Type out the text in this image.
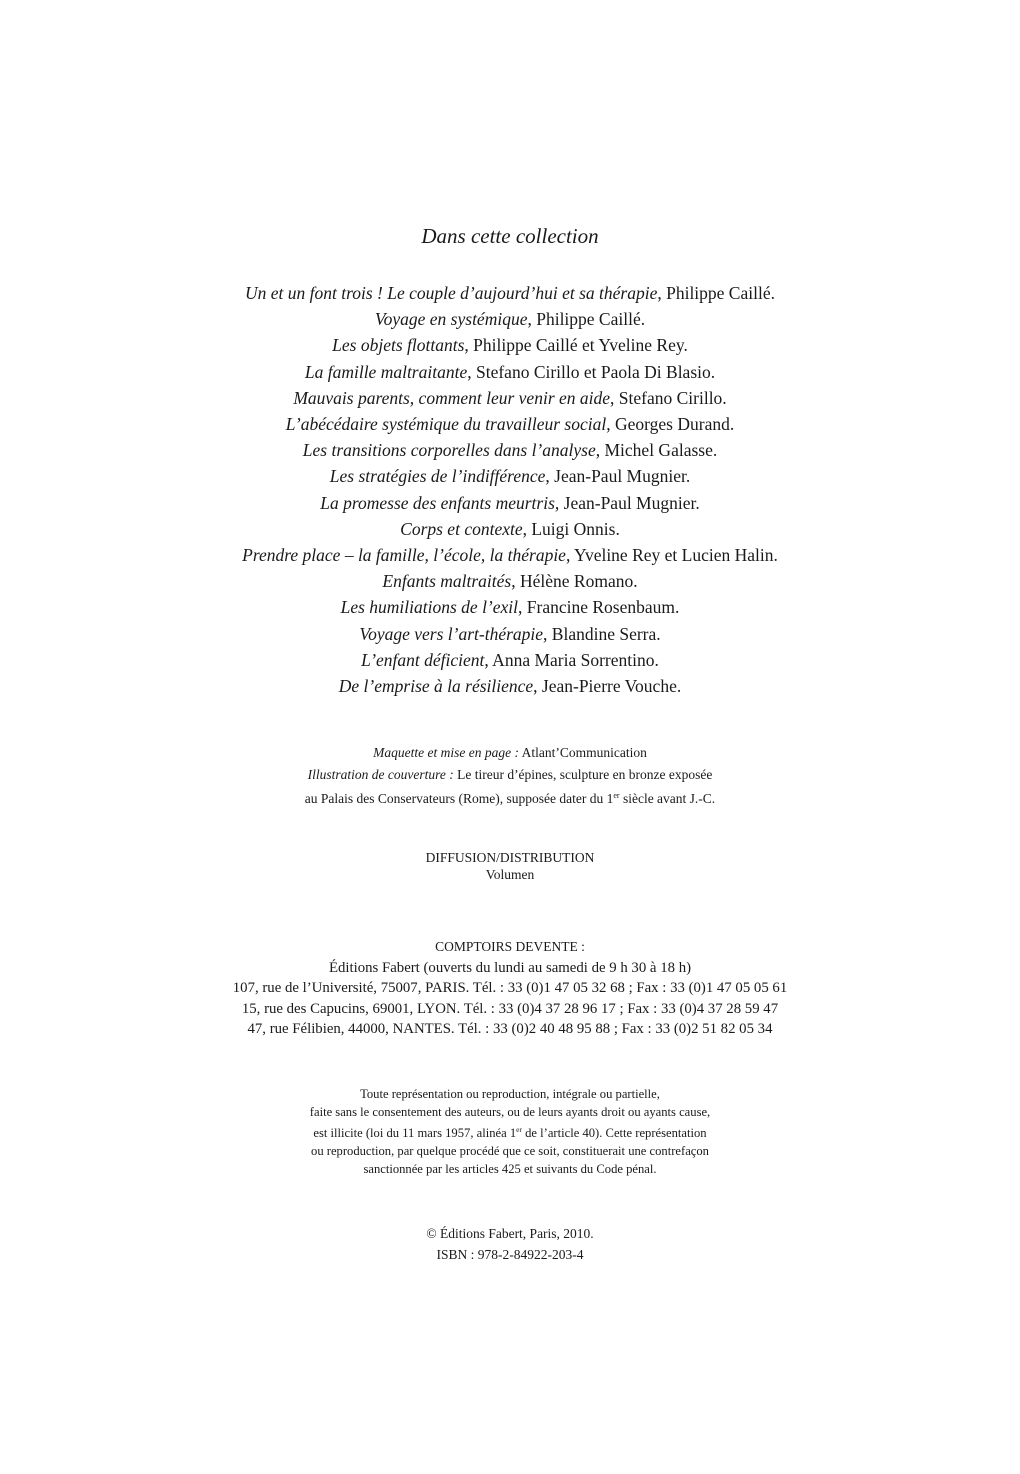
Dans cette collection
Un et un font trois ! Le couple d’aujourd’hui et sa thérapie, Philippe Caillé.
Voyage en systémique, Philippe Caillé.
Les objets flottants, Philippe Caillé et Yveline Rey.
La famille maltraitante, Stefano Cirillo et Paola Di Blasio.
Mauvais parents, comment leur venir en aide, Stefano Cirillo.
L’abécédaire systémique du travailleur social, Georges Durand.
Les transitions corporelles dans l’analyse, Michel Galasse.
Les stratégies de l’indifférence, Jean-Paul Mugnier.
La promesse des enfants meurtris, Jean-Paul Mugnier.
Corps et contexte, Luigi Onnis.
Prendre place – la famille, l’école, la thérapie, Yveline Rey et Lucien Halin.
Enfants maltraités, Hélène Romano.
Les humiliations de l’exil, Francine Rosenbaum.
Voyage vers l’art-thérapie, Blandine Serra.
L’enfant déficient, Anna Maria Sorrentino.
De l’emprise à la résilience, Jean-Pierre Vouche.
Maquette et mise en page : Atlant’Communication
Illustration de couverture : Le tireur d’épines, sculpture en bronze exposée
au Palais des Conservateurs (Rome), supposée dater du 1er siècle avant J.-C.
DIFFUSION/DISTRIBUTION
Volumen
COMPTOIRS DEVENTE :
Éditions Fabert (ouverts du lundi au samedi de 9 h 30 à 18 h)
107, rue de l’Université, 75007, PARIS. Tél. : 33 (0)1 47 05 32 68 ; Fax : 33 (0)1 47 05 05 61
15, rue des Capucins, 69001, LYON. Tél. : 33 (0)4 37 28 96 17 ; Fax : 33 (0)4 37 28 59 47
47, rue Félibien, 44000, NANTES. Tél. : 33 (0)2 40 48 95 88 ; Fax : 33 (0)2 51 82 05 34
Toute représentation ou reproduction, intégrale ou partielle,
faite sans le consentement des auteurs, ou de leurs ayants droit ou ayants cause,
est illicite (loi du 11 mars 1957, alinéa 1er de l’article 40). Cette représentation
ou reproduction, par quelque procédé que ce soit, constituerait une contrefaçon
sanctionnée par les articles 425 et suivants du Code pénal.
© Éditions Fabert, Paris, 2010.
ISBN : 978-2-84922-203-4
